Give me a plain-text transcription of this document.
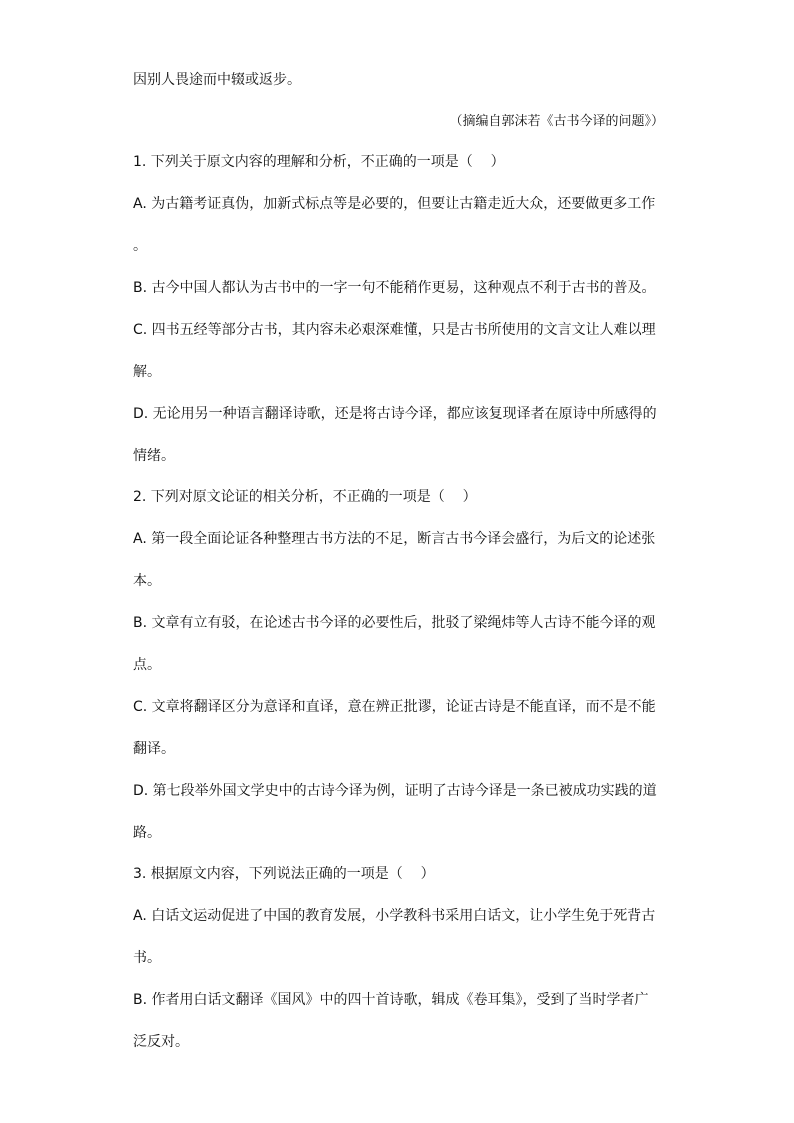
因别人畏途而中辍或返步。
（摘编自郭沫若《古书今译的问题》）
1. 下列关于原文内容的理解和分析，不正确的一项是（    ）
A. 为古籍考证真伪，加新式标点等是必要的，但要让古籍走近大众，还要做更多工作
。
B. 古今中国人都认为古书中的一字一句不能稍作更易，这种观点不利于古书的普及。
C. 四书五经等部分古书，其内容未必艰深难懂，只是古书所使用的文言文让人难以理
解。
D. 无论用另一种语言翻译诗歌，还是将古诗今译，都应该复现译者在原诗中所感得的
情绪。
2. 下列对原文论证的相关分析，不正确的一项是（    ）
A. 第一段全面论证各种整理古书方法的不足，断言古书今译会盛行，为后文的论述张
本。
B. 文章有立有驳，在论述古书今译的必要性后，批驳了梁绳炜等人古诗不能今译的观
点。
C. 文章将翻译区分为意译和直译，意在辨正批谬，论证古诗是不能直译，而不是不能
翻译。
D. 第七段举外国文学史中的古诗今译为例，证明了古诗今译是一条已被成功实践的道
路。
3. 根据原文内容，下列说法正确的一项是（    ）
A. 白话文运动促进了中国的教育发展，小学教科书采用白话文，让小学生免于死背古
书。
B. 作者用白话文翻译《国风》中的四十首诗歌，辑成《卷耳集》，受到了当时学者广
泛反对。
